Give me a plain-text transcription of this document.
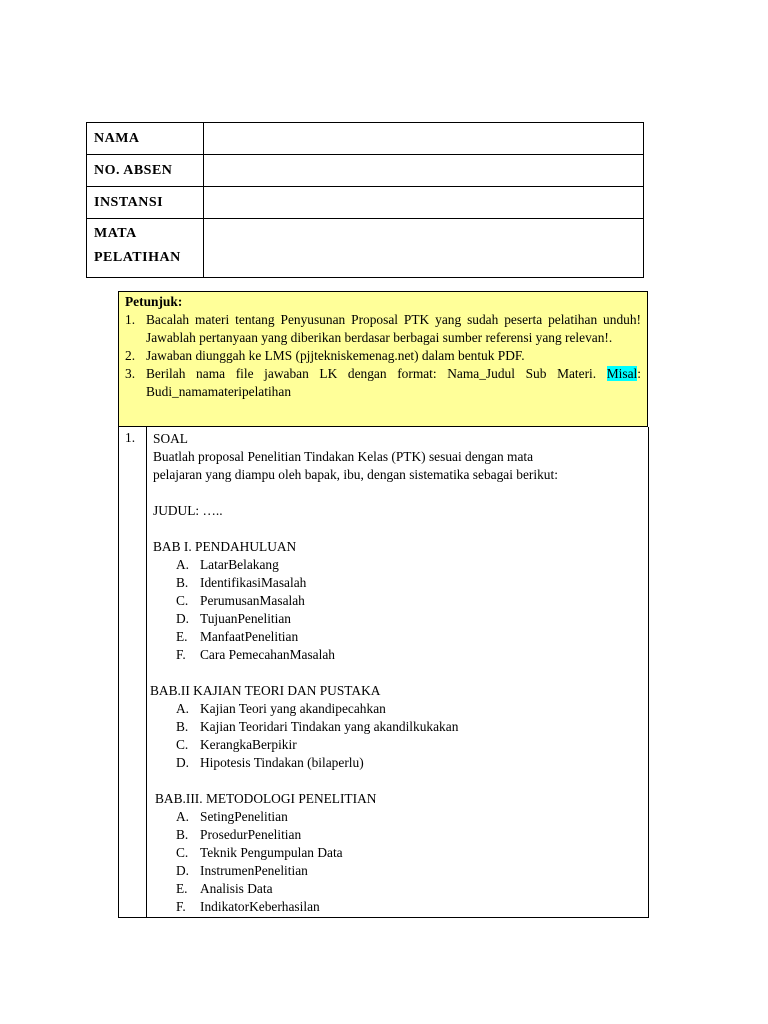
NAMA	
NO. ABSEN	
INSTANSI	

MATA
PELATIHAN	

Petunjuk:
1. Bacalah materi tentang Penyusunan Proposal PTK yang sudah peserta pelatihan unduh! Jawablah pertanyaan yang diberikan berdasar berbagai sumber referensi yang relevan!.
2. Jawaban diunggah ke LMS (pjjteknis​kemenag.net) dalam bentuk PDF.
3. Berilah nama file jawaban LK dengan format: Nama_Judul Sub Materi. Misal: Budi_namamateripelatihan
1. SOAL
Buatlah proposal Penelitian Tindakan Kelas (PTK) sesuai dengan mata
pelajaran yang diampu oleh bapak, ibu, dengan sistematika sebagai berikut:
JUDUL: …..
BAB I. PENDAHULUAN
A. LatarBelakang
B. IdentifikasiMasalah
C. PerumusanMasalah
D. TujuanPenelitian
E. ManfaatPenelitian
F.	Cara PemecahanMasalah
BAB.II KAJIAN TEORI DAN PUSTAKA
A. Kajian Teori yang akandipecahkan
B. Kajian Teoridari Tindakan yang akandilkukakan
C. KerangkaBerpikir
D. Hipotesis Tindakan (bilaperlu)
BAB.III. METODOLOGI PENELITIAN
A. SetingPenelitian
B. ProsedurPenelitian
C. Teknik Pengumpulan Data
D. InstrumenPenelitian
E. Analisis Data
F.	IndikatorKeberhasilan
